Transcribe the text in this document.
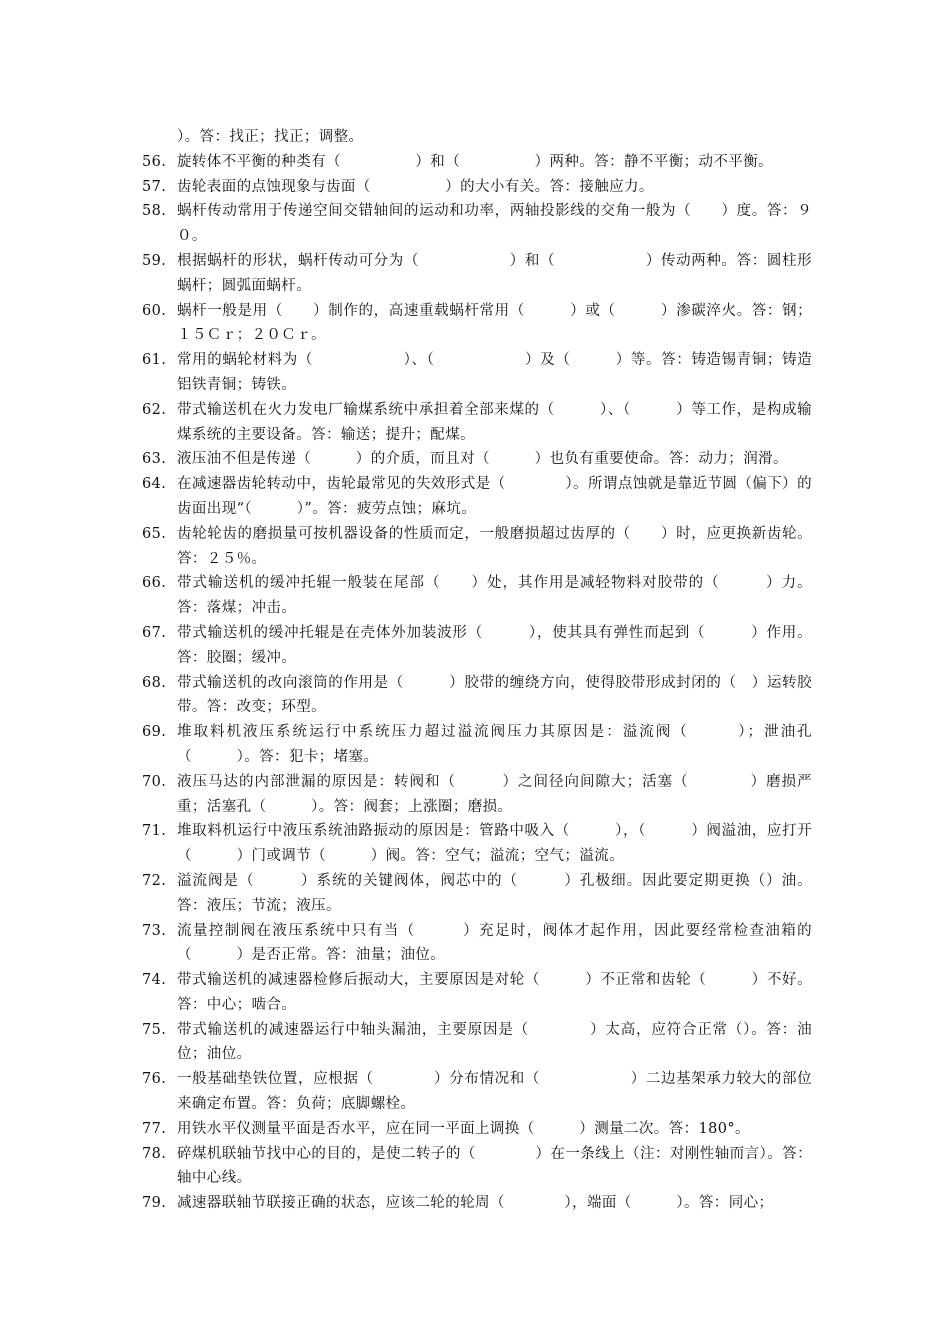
）。答：找正；找正；调整。
56. 旋转体不平衡的种类有（　　　　　）和（　　　　　）两种。答：静不平衡；动不平衡。
57. 齿轮表面的点蚀现象与齿面（　　　　　）的大小有关。答：接触应力。
58. 蜗杆传动常用于传递空间交错轴间的运动和功率，两轴投影线的交角一般为（　　）度。答：９０。
59. 根据蜗杆的形状，蜗杆传动可分为（　　　　　　）和（　　　　　　）传动两种。答：圆柱形蜗杆；圆弧面蜗杆。
60. 蜗杆一般是用（　　）制作的，高速重载蜗杆常用（　　　）或（　　　）渗碳淬火。答：钢；１５Ｃｒ；２０Ｃｒ。
61. 常用的蜗轮材料为（　　　　　　）、（　　　　　　）及（　　　）等。答：铸造锡青铜；铸造铝铁青铜；铸铁。
62. 带式输送机在火力发电厂输煤系统中承担着全部来煤的（　　　）、（　　　）等工作，是构成输煤系统的主要设备。答：输送；提升；配煤。
63. 液压油不但是传递（　　　）的介质，而且对（　　　）也负有重要使命。答：动力；润滑。
64. 在减速器齿轮转动中，齿轮最常见的失效形式是（　　　　）。所谓点蚀就是靠近节圆（偏下）的齿面出现“（　　　）”。答：疲劳点蚀；麻坑。
65. 齿轮轮齿的磨损量可按机器设备的性质而定，一般磨损超过齿厚的（　　）时，应更换新齿轮。答：２５％。
66. 带式输送机的缓冲托辊一般装在尾部（　　）处，其作用是减轻物料对胶带的（　　　）力。答：落煤；冲击。
67. 带式输送机的缓冲托辊是在壳体外加装波形（　　　），使其具有弹性而起到（　　　）作用。答：胶圈；缓冲。
68. 带式输送机的改向滚筒的作用是（　　　）胶带的缠绕方向，使得胶带形成封闭的（　）运转胶带。答：改变；环型。
69. 堆取料机液压系统运行中系统压力超过溢流阀压力其原因是：溢流阀（　　　）；泄油孔（　　　）。答：犯卡；堵塞。
70. 液压马达的内部泄漏的原因是：转阀和（　　　）之间径向间隙大；活塞（　　　　）磨损严重；活塞孔（　　　）。答：阀套；上涨圈；磨损。
71. 堆取料机运行中液压系统油路振动的原因是：管路中吸入（　　　），（　　　）阀溢油，应打开（　　　）门或调节（　　　）阀。答：空气；溢流；空气；溢流。
72. 溢流阀是（　　　）系统的关键阀体，阀芯中的（　　　）孔极细。因此要定期更换（）油。答：液压；节流；液压。
73. 流量控制阀在液压系统中只有当（　　　）充足时，阀体才起作用，因此要经常检查油箱的（　　　）是否正常。答：油量；油位。
74. 带式输送机的减速器检修后振动大，主要原因是对轮（　　　）不正常和齿轮（　　　）不好。答：中心；啮合。
75. 带式输送机的减速器运行中轴头漏油，主要原因是（　　　　）太高，应符合正常（）。答：油位；油位。
76. 一般基础垫铁位置，应根据（　　　　）分布情况和（　　　　　　）二边基架承力较大的部位来确定布置。答：负荷；底脚螺栓。
77. 用铁水平仪测量平面是否水平，应在同一平面上调换（　　　）测量二次。答：180°。
78. 碎煤机联轴节找中心的目的，是使二转子的（　　　　）在一条线上（注：对刚性轴而言）。答：轴中心线。
79. 减速器联轴节联接正确的状态，应该二轮的轮周（　　　　），端面（　　　）。答：同心；
